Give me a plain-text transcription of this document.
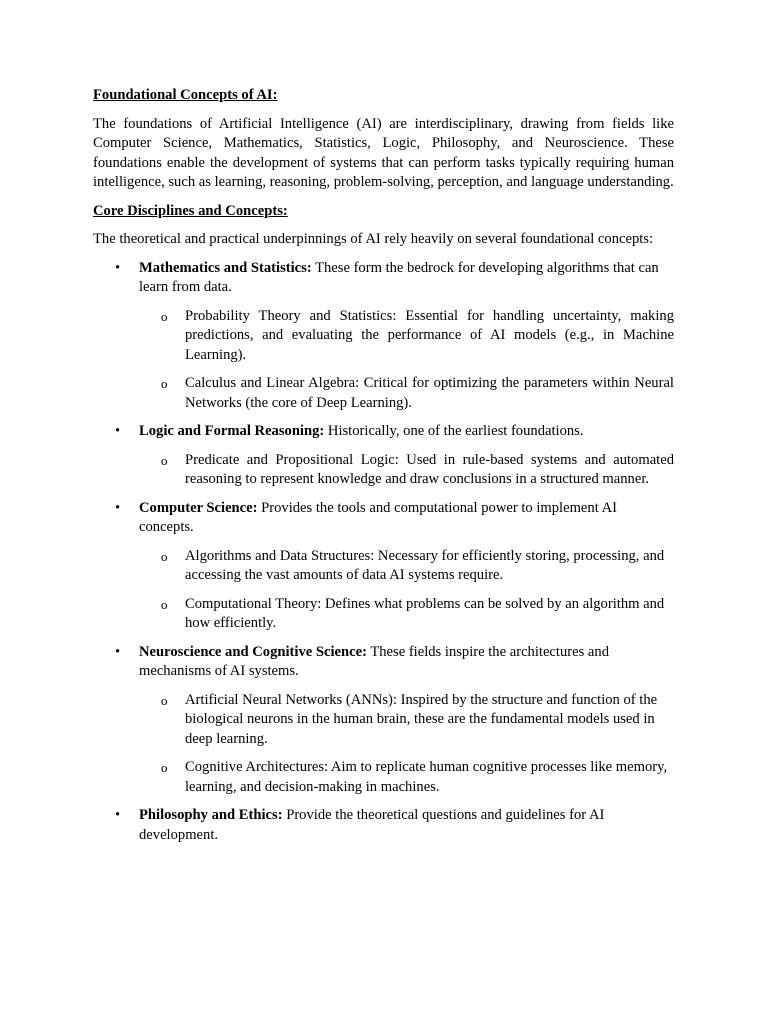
Foundational Concepts of AI:
The foundations of Artificial Intelligence (AI) are interdisciplinary, drawing from fields like Computer Science, Mathematics, Statistics, Logic, Philosophy, and Neuroscience. These foundations enable the development of systems that can perform tasks typically requiring human intelligence, such as learning, reasoning, problem-solving, perception, and language understanding.
Core Disciplines and Concepts:
The theoretical and practical underpinnings of AI rely heavily on several foundational concepts:
• Mathematics and Statistics: These form the bedrock for developing algorithms that can learn from data.
o Probability Theory and Statistics: Essential for handling uncertainty, making predictions, and evaluating the performance of AI models (e.g., in Machine Learning).
o Calculus and Linear Algebra: Critical for optimizing the parameters within Neural Networks (the core of Deep Learning).
• Logic and Formal Reasoning: Historically, one of the earliest foundations.
o Predicate and Propositional Logic: Used in rule-based systems and automated reasoning to represent knowledge and draw conclusions in a structured manner.
• Computer Science: Provides the tools and computational power to implement AI concepts.
o Algorithms and Data Structures: Necessary for efficiently storing, processing, and accessing the vast amounts of data AI systems require.
o Computational Theory: Defines what problems can be solved by an algorithm and how efficiently.
• Neuroscience and Cognitive Science: These fields inspire the architectures and mechanisms of AI systems.
o Artificial Neural Networks (ANNs): Inspired by the structure and function of the biological neurons in the human brain, these are the fundamental models used in deep learning.
o Cognitive Architectures: Aim to replicate human cognitive processes like memory, learning, and decision-making in machines.
• Philosophy and Ethics: Provide the theoretical questions and guidelines for AI development.
